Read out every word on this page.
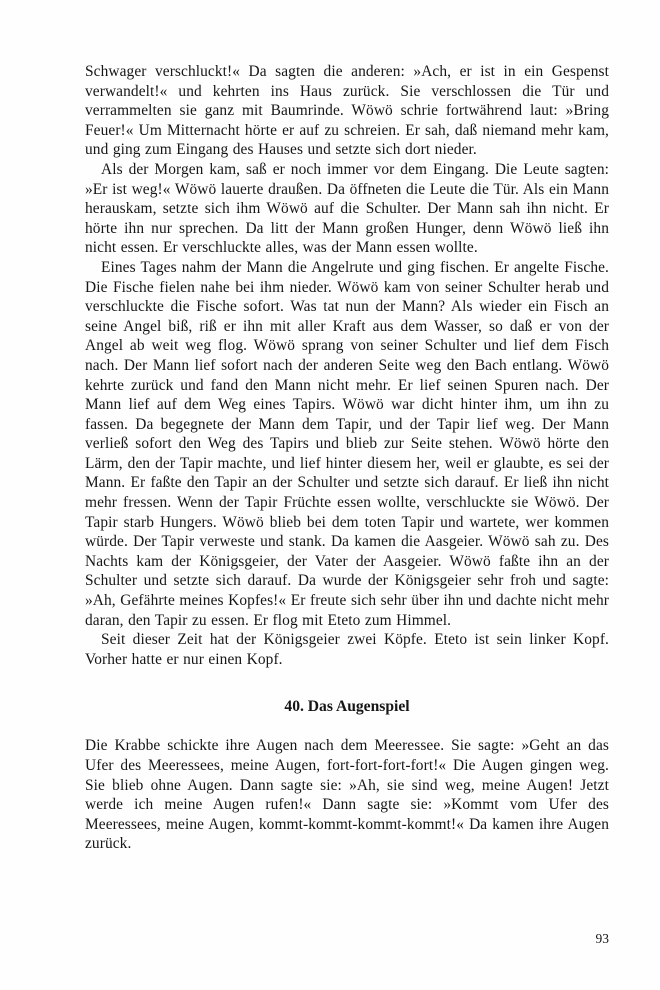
Schwager verschluckt!« Da sagten die anderen: »Ach, er ist in ein Gespenst verwandelt!« und kehrten ins Haus zurück. Sie verschlossen die Tür und verrammelten sie ganz mit Baumrinde. Wöwö schrie fortwährend laut: »Bring Feuer!« Um Mitternacht hörte er auf zu schreien. Er sah, daß niemand mehr kam, und ging zum Eingang des Hauses und setzte sich dort nieder.

Als der Morgen kam, saß er noch immer vor dem Eingang. Die Leute sagten: »Er ist weg!« Wöwö lauerte draußen. Da öffneten die Leute die Tür. Als ein Mann herauskam, setzte sich ihm Wöwö auf die Schulter. Der Mann sah ihn nicht. Er hörte ihn nur sprechen. Da litt der Mann großen Hunger, denn Wöwö ließ ihn nicht essen. Er verschluckte alles, was der Mann essen wollte.

Eines Tages nahm der Mann die Angelrute und ging fischen. Er angelte Fische. Die Fische fielen nahe bei ihm nieder. Wöwö kam von seiner Schulter herab und verschluckte die Fische sofort. Was tat nun der Mann? Als wieder ein Fisch an seine Angel biß, riß er ihn mit aller Kraft aus dem Wasser, so daß er von der Angel ab weit weg flog. Wöwö sprang von seiner Schulter und lief dem Fisch nach. Der Mann lief sofort nach der anderen Seite weg den Bach entlang. Wöwö kehrte zurück und fand den Mann nicht mehr. Er lief seinen Spuren nach. Der Mann lief auf dem Weg eines Tapirs. Wöwö war dicht hinter ihm, um ihn zu fassen. Da begegnete der Mann dem Tapir, und der Tapir lief weg. Der Mann verließ sofort den Weg des Tapirs und blieb zur Seite stehen. Wöwö hörte den Lärm, den der Tapir machte, und lief hinter diesem her, weil er glaubte, es sei der Mann. Er faßte den Tapir an der Schulter und setzte sich darauf. Er ließ ihn nicht mehr fressen. Wenn der Tapir Früchte essen wollte, verschluckte sie Wöwö. Der Tapir starb Hungers. Wöwö blieb bei dem toten Tapir und wartete, wer kommen würde. Der Tapir verweste und stank. Da kamen die Aasgeier. Wöwö sah zu. Des Nachts kam der Königsgeier, der Vater der Aasgeier. Wöwö faßte ihn an der Schulter und setzte sich darauf. Da wurde der Königsgeier sehr froh und sagte: »Ah, Gefährte meines Kopfes!« Er freute sich sehr über ihn und dachte nicht mehr daran, den Tapir zu essen. Er flog mit Eteto zum Himmel.

Seit dieser Zeit hat der Königsgeier zwei Köpfe. Eteto ist sein linker Kopf. Vorher hatte er nur einen Kopf.

40. Das Augenspiel

Die Krabbe schickte ihre Augen nach dem Meeressee. Sie sagte: »Geht an das Ufer des Meeressees, meine Augen, fort-fort-fort-fort!« Die Augen gingen weg. Sie blieb ohne Augen. Dann sagte sie: »Ah, sie sind weg, meine Augen! Jetzt werde ich meine Augen rufen!« Dann sagte sie: »Kommt vom Ufer des Meeressees, meine Augen, kommt-kommt-kommt-kommt!« Da kamen ihre Augen zurück.

93
